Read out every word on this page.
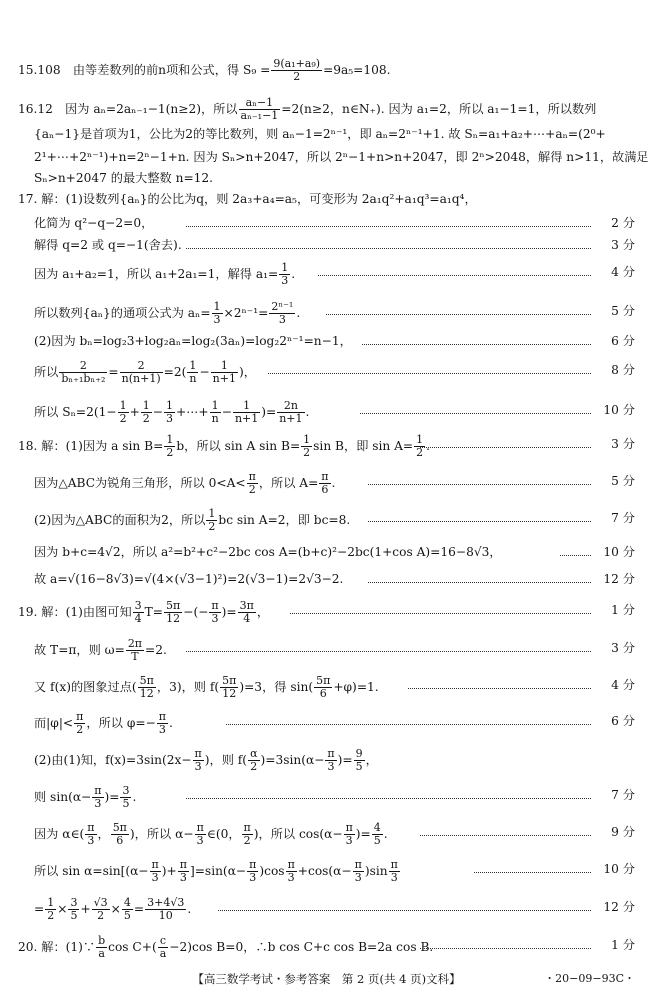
15.108　由等差数列的前n项和公式，得 $S_9 = \frac{\text{9(a₁+a₉)}}{2} =9a_5=108$.
16.12　因为 aₙ=2aₙ₋₁−1(n≥2)，所以 $\frac{\text{aₙ−1}}{\text{aₙ₋₁−1}} =2(n\ge 2$，n∈N₊). 因为 a₁=2，所以 a₁−1=1，所以数列
{aₙ−1}是首项为1，公比为2的等比数列，则 aₙ−1=2ⁿ⁻¹，即 aₙ=2ⁿ⁻¹+1. 故 Sₙ=a₁+a₂+⋯+aₙ=(2⁰+
2¹+⋯+2ⁿ⁻¹)+n=2ⁿ−1+n. 因为 Sₙ>n+2047，所以 2ⁿ−1+n>n+2047，即 2ⁿ>2048，解得 n>11，故满足
Sₙ>n+2047 的最大整数 n=12.
17. 解：(1)设数列{aₙ}的公比为q，则 2a₃+a₄=a₅，可变形为 2a₁q²+a₁q³=a₁q⁴，
化简为 q²−q−2=0，	2 分
解得 q=2 或 q=−1(舍去).	3 分
因为 a₁+a₂=1，所以 a₁+2a₁=1，解得 $a_1= \frac{1}{3}$ .	4 分
所以数列{aₙ}的通项公式为 $a_n= \frac{1}{3} \times 2^{n-1}= \frac{\text{2ⁿ⁻¹}}{3}$ .	5 分
(2)因为 bₙ=log₂3+log₂aₙ=log₂(3aₙ)=log₂2ⁿ⁻¹=n−1，	6 分
所以 $\frac{2}{\text{bₙ₊₁bₙ₊₂}} = \frac{2}{n(n+1)} =2( \frac{1}{n} - \frac{1}{n+1}$ )，	8 分
所以 $S_n=2(1- \frac{1}{2} + \frac{1}{2} - \frac{1}{3}$ +⋯+ $\frac{1}{n} - \frac{1}{n+1}$ )= $\frac{2n}{n+1}$ .	10 分
18. 解：(1)因为 a $\sin B= \frac{1}{2}$ b，所以 sin A $\sin B= \frac{1}{2}$ sin B，即 $\sin A= \frac{1}{2}$ .	3 分
因为△ABC为锐角三角形，所以 $0<A< \frac{\pi}{2}$ ，所以 $A= \frac{\pi}{6}$ .	5 分
(2)因为△ABC的面积为2，所以 $\frac{1}{2}$ bc sin A=2，即 bc=8.	7 分
因为 b+c=4√2，所以 a²=b²+c²−2bc cos A=(b+c)²−2bc(1+cos A)=16−8√3，	10 分
故 a=√(16−8√3)=√(4×(√3−1)²)=2(√3−1)=2√3−2.	12 分
19. 解：(1)由图可知 $\frac{3}{4} T= \frac{5\pi}{12}$ −(− $\frac{\pi}{3}$ )= $\frac{3\pi}{4}$ ，	1 分
故 T=π，则 $\omega= \frac{2\pi}{T} =2$.	3 分
又 f(x)的图象过点( $\frac{5\pi}{12}$ ，3)，则 $f( \frac{5\pi}{12} )=3$，得 $\sin( \frac{5\pi}{6} +\varphi)=1$.	4 分
而$|\varphi|< \frac{\pi}{2}$ ，所以 $\varphi=- \frac{\pi}{3}$ .	6 分
(2)由(1)知，$f(x)=3\sin(2x- \frac{\pi}{3}$ )，则 $f( \frac{\alpha}{2} )=3\sin(\alpha- \frac{\pi}{3}$ )= $\frac{9}{5}$ ，
则 $\sin(\alpha- \frac{\pi}{3}$ )= $\frac{3}{5}$ .	7 分
因为 α∈( $\frac{\pi}{3}$ ， $\frac{5\pi}{6}$ )，所以 $\alpha- \frac{\pi}{3}$ ∈(0， $\frac{\pi}{2}$ )，所以 $\cos(\alpha- \frac{\pi}{3}$ )= $\frac{4}{5}$ .	9 分
所以 $\sin \alpha=\sin[(\alpha- \frac{\pi}{3}$ )+ $\frac{\pi}{3} ]=\sin(\alpha- \frac{\pi}{3} )\cos \frac{\pi}{3} +\cos(\alpha- \frac{\pi}{3} )\sin \frac{\pi}{3}$	10 分
= $\frac{1}{2} \times \frac{3}{5} + \frac{√3}{2} \times \frac{4}{5} = \frac{3+4√3}{10}$ .	12 分
20. 解：(1)∵ $\frac{b}{a}$ $\cos C+( \frac{c}{a} -2)\cos$ B=0，∴b cos C+c cos B=2a cos B.	1 分
【高三数学考试・参考答案　第 2 页(共 4 页)文科】	・20−09−93C・
